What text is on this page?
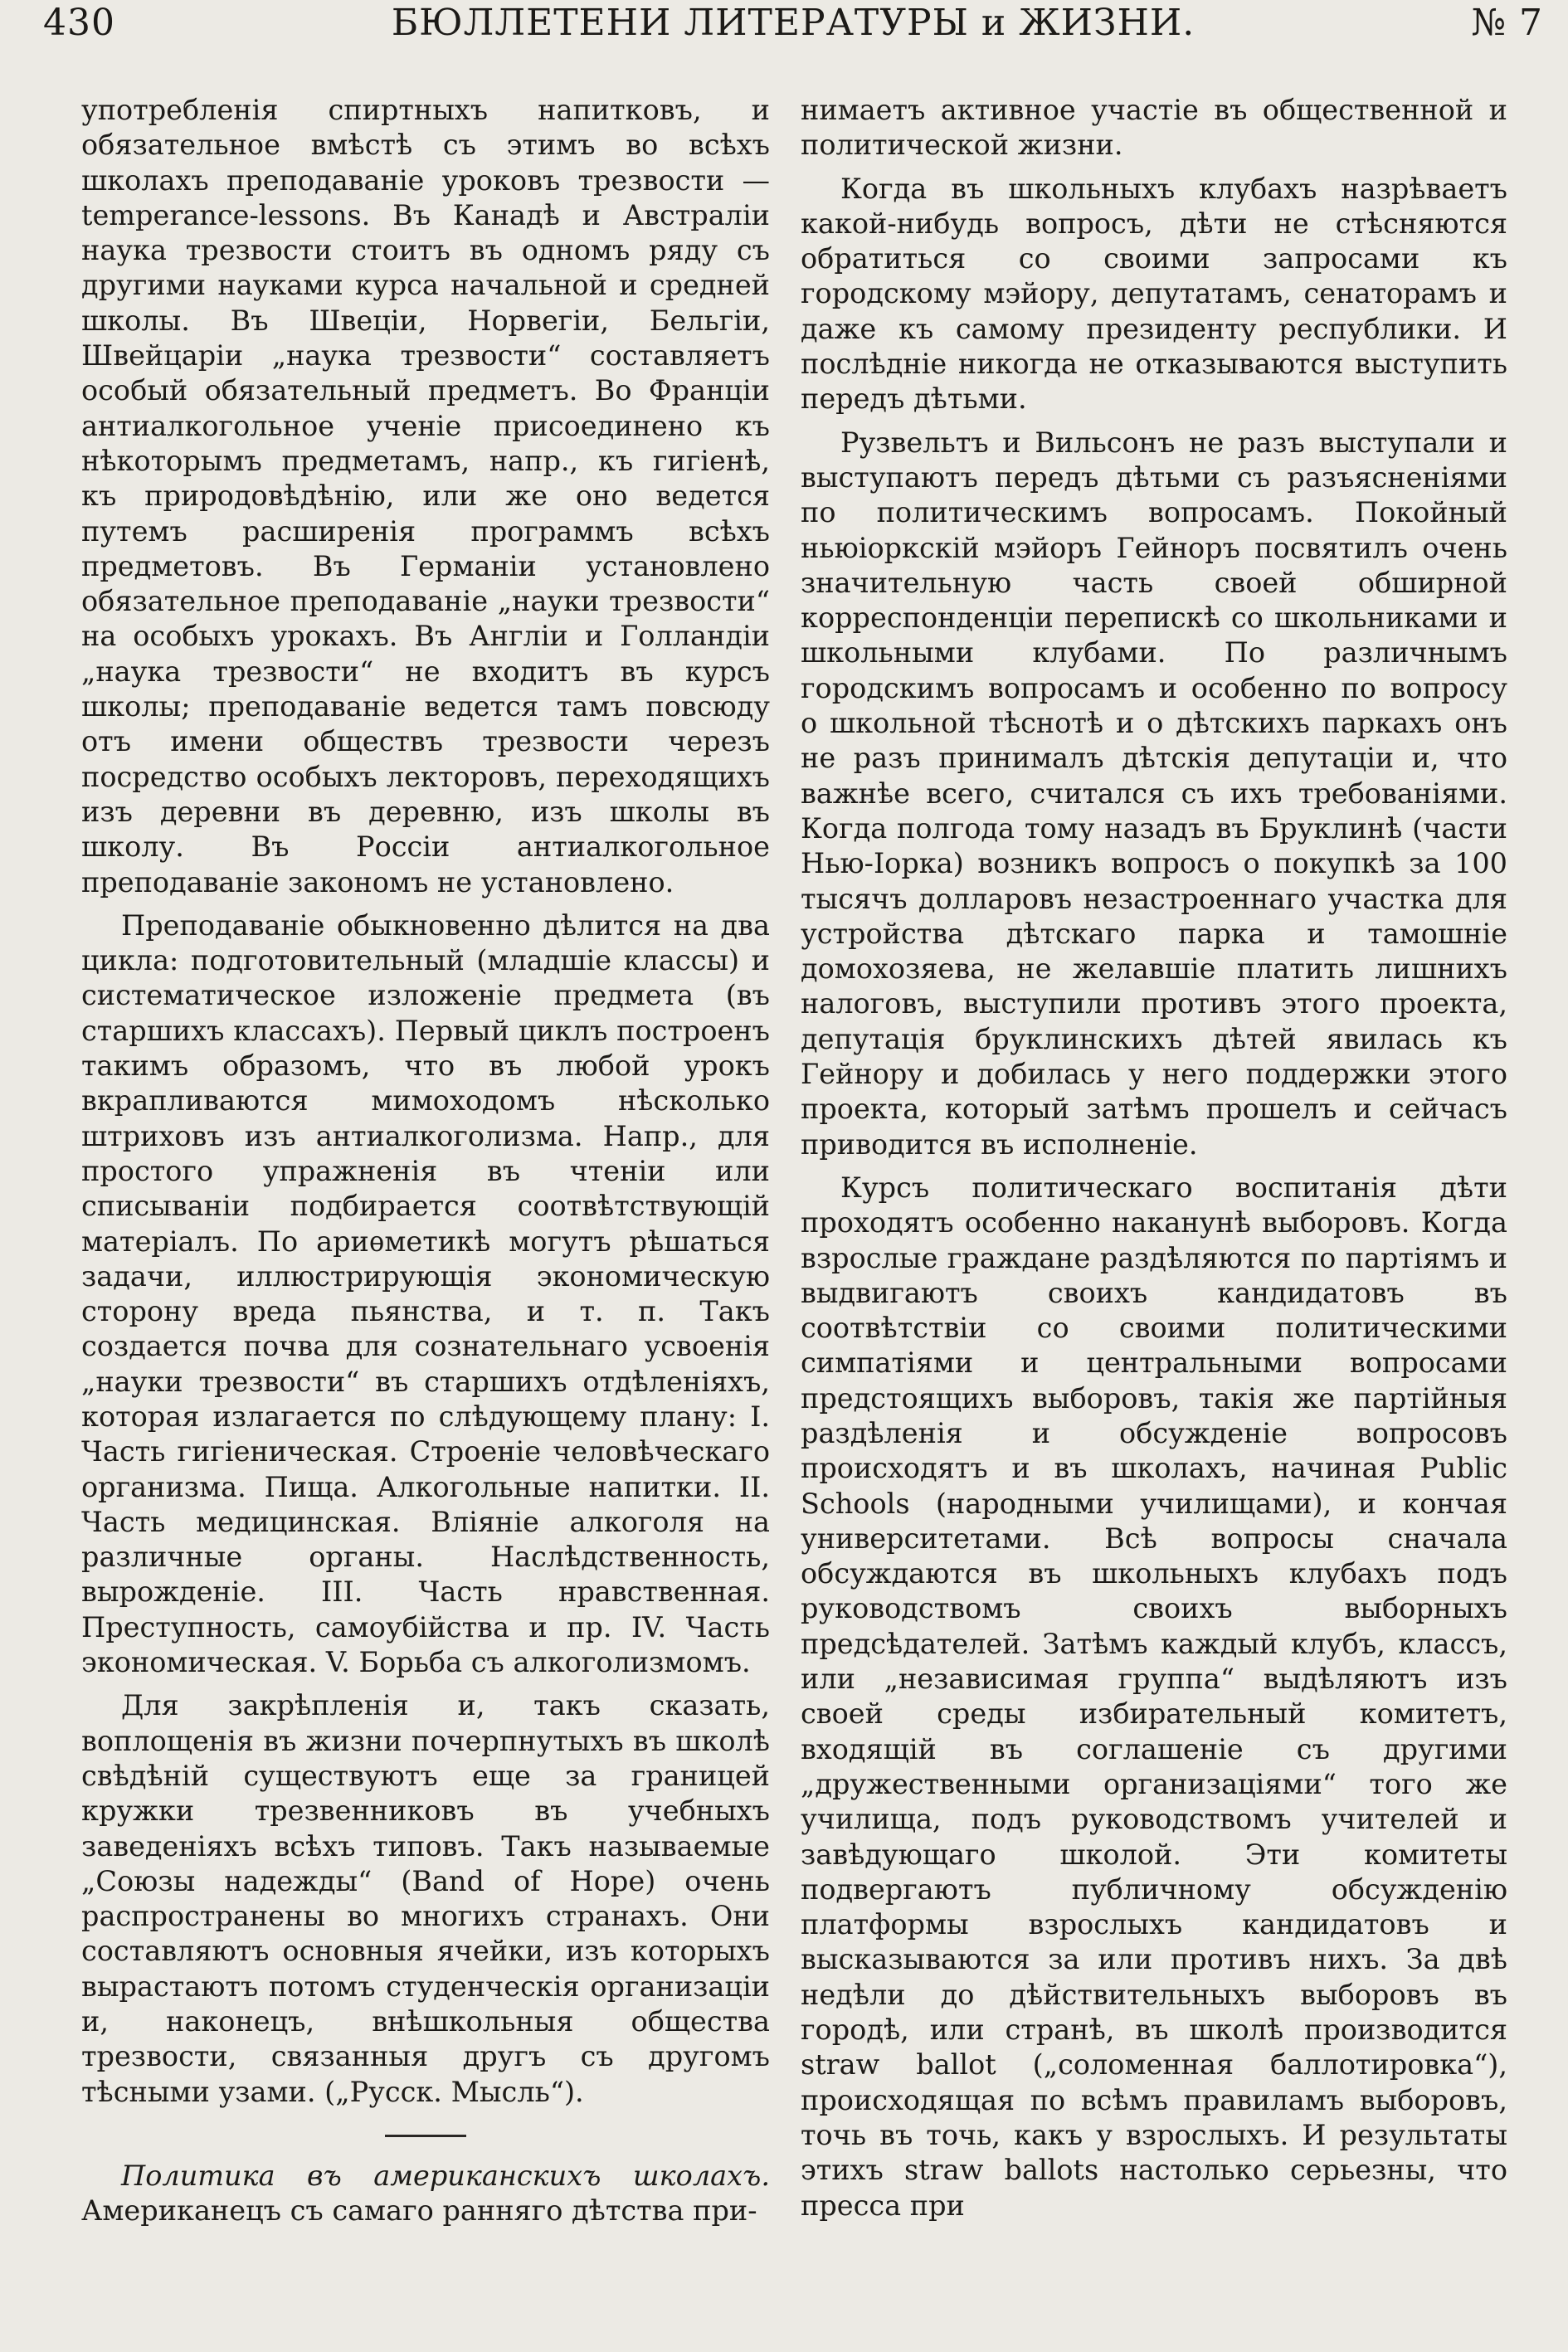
430	БЮЛЛЕТЕНИ ЛИТЕРАТУРЫ и ЖИЗНИ.	№ 7

употребленія спиртныхъ напитковъ, и обязательное вмѣстѣ съ этимъ во всѣхъ школахъ преподаваніе уроковъ трезвости — temperance-lessons. Въ Канадѣ и Австраліи наука трезвости стоитъ въ одномъ ряду съ другими науками курса начальной и средней школы. Въ Швеціи, Норвегіи, Бельгіи, Швейцаріи „наука трезвости“ составляетъ особый обязательный предметъ. Во Франціи антиалкогольное ученіе присоединено къ нѣкоторымъ предметамъ, напр., къ гигіенѣ, къ природовѣдѣнію, или же оно ведется путемъ расширенія программъ всѣхъ предметовъ. Въ Германіи установлено обязательное преподаваніе „науки трезвости“ на особыхъ урокахъ. Въ Англіи и Голландіи „наука трезвости“ не входитъ въ курсъ школы; преподаваніе ведется тамъ повсюду отъ имени обществъ трезвости черезъ посредство особыхъ лекторовъ, переходящихъ изъ деревни въ деревню, изъ школы въ школу. Въ Россіи антиалкогольное преподаваніе закономъ не установлено.

Преподаваніе обыкновенно дѣлится на два цикла: подготовительный (младшіе классы) и систематическое изложеніе предмета (въ старшихъ классахъ). Первый циклъ построенъ такимъ образомъ, что въ любой урокъ вкрапливаются мимоходомъ нѣсколько штриховъ изъ антиалкоголизма. Напр., для простого упражненія въ чтеніи или списываніи подбирается соотвѣтствующій матеріалъ. По ариѳметикѣ могутъ рѣшаться задачи, иллюстрирующія экономическую сторону вреда пьянства, и т. п. Такъ создается почва для сознательнаго усвоенія „науки трезвости“ въ старшихъ отдѣленіяхъ, которая излагается по слѣдующему плану: I. Часть гигіеническая. Строеніе человѣческаго организма. Пища. Алкогольные напитки. II. Часть медицинская. Вліяніе алкоголя на различные органы. Наслѣдственность, вырожденіе. III. Часть нравственная. Преступность, самоубійства и пр. IV. Часть экономическая. V. Борьба съ алкоголизмомъ.

Для закрѣпленія и, такъ сказать, воплощенія въ жизни почерпнутыхъ въ школѣ свѣдѣній существуютъ еще за границей кружки трезвенниковъ въ учебныхъ заведеніяхъ всѣхъ типовъ. Такъ называемые „Союзы надежды“ (Band of Hope) очень распространены во многихъ странахъ. Они составляютъ основныя ячейки, изъ которыхъ вырастаютъ потомъ студенческія организаціи и, наконецъ, внѣшкольныя общества трезвости, связанныя другъ съ другомъ тѣсными узами. („Русск. Мысль“).

Политика въ американскихъ школахъ. Американецъ съ самаго ранняго дѣтства при-

нимаетъ активное участіе въ общественной и политической жизни.

Когда въ школьныхъ клубахъ назрѣваетъ какой-нибудь вопросъ, дѣти не стѣсняются обратиться со своими запросами къ городскому мэйору, депутатамъ, сенаторамъ и даже къ самому президенту республики. И послѣдніе никогда не отказываются выступить передъ дѣтьми.

Рузвельтъ и Вильсонъ не разъ выступали и выступаютъ передъ дѣтьми съ разъясненіями по политическимъ вопросамъ. Покойный ньюіоркскій мэйоръ Гейноръ посвятилъ очень значительную часть своей обширной корреспонденціи перепискѣ со школьниками и школьными клубами. По различнымъ городскимъ вопросамъ и особенно по вопросу о школьной тѣснотѣ и о дѣтскихъ паркахъ онъ не разъ принималъ дѣтскія депутаціи и, что важнѣе всего, считался съ ихъ требованіями. Когда полгода тому назадъ въ Бруклинѣ (части Нью-Іорка) возникъ вопросъ о покупкѣ за 100 тысячъ долларовъ незастроеннаго участка для устройства дѣтскаго парка и тамошніе домохозяева, не желавшіе платить лишнихъ налоговъ, выступили противъ этого проекта, депутація бруклинскихъ дѣтей явилась къ Гейнору и добилась у него поддержки этого проекта, который затѣмъ прошелъ и сейчасъ приводится въ исполненіе.

Курсъ политическаго воспитанія дѣти проходятъ особенно наканунѣ выборовъ. Когда взрослые граждане раздѣляются по партіямъ и выдвигаютъ своихъ кандидатовъ въ соотвѣтствіи со своими политическими симпатіями и центральными вопросами предстоящихъ выборовъ, такія же партійныя раздѣленія и обсужденіе вопросовъ происходятъ и въ школахъ, начиная Public Schools (народными училищами), и кончая университетами. Всѣ вопросы сначала обсуждаются въ школьныхъ клубахъ подъ руководствомъ своихъ выборныхъ предсѣдателей. Затѣмъ каждый клубъ, классъ, или „независимая группа“ выдѣляютъ изъ своей среды избирательный комитетъ, входящій въ соглашеніе съ другими „дружественными организаціями“ того же училища, подъ руководствомъ учителей и завѣдующаго школой. Эти комитеты подвергаютъ публичному обсужденію платформы взрослыхъ кандидатовъ и высказываются за или противъ нихъ. За двѣ недѣли до дѣйствительныхъ выборовъ въ городѣ, или странѣ, въ школѣ производится straw ballot („соломенная баллотировка“), происходящая по всѣмъ правиламъ выборовъ, точь въ точь, какъ у взрослыхъ. И результаты этихъ straw ballots настолько серьезны, что пресса при
